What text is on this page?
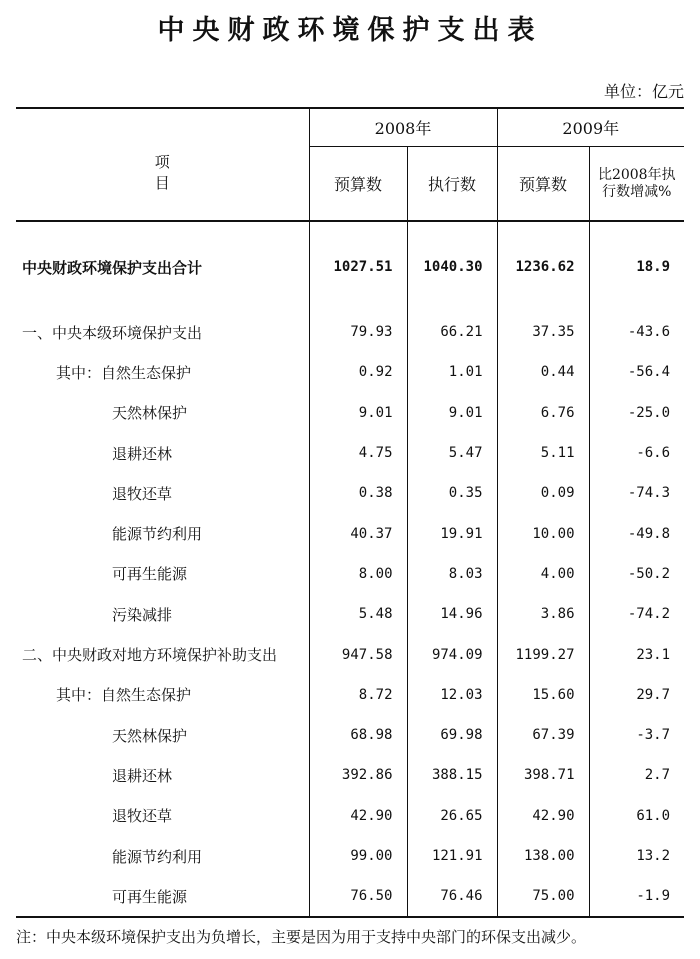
中央财政环境保护支出表
单位：亿元
项　目	2008年		2009年	
	预算数	执行数	预算数	比2008年执
行数增减%

中央财政环境保护支出合计	1027.51	1040.30	1236.62	18.9

一、中央本级环境保护支出	79.93	66.21	37.35	-43.6
其中：自然生态保护	0.92	1.01	0.44	-56.4
天然林保护	9.01	9.01	6.76	-25.0
退耕还林	4.75	5.47	5.11	-6.6
退牧还草	0.38	0.35	0.09	-74.3
能源节约利用	40.37	19.91	10.00	-49.8
可再生能源	8.00	8.03	4.00	-50.2
污染减排	5.48	14.96	3.86	-74.2
二、中央财政对地方环境保护补助支出	947.58	974.09	1199.27	23.1
其中：自然生态保护	8.72	12.03	15.60	29.7
天然林保护	68.98	69.98	67.39	-3.7
退耕还林	392.86	388.15	398.71	2.7
退牧还草	42.90	26.65	42.90	61.0
能源节约利用	99.00	121.91	138.00	13.2
可再生能源	76.50	76.46	75.00	-1.9
注：中央本级环境保护支出为负增长，主要是因为用于支持中央部门的环保支出减少。
